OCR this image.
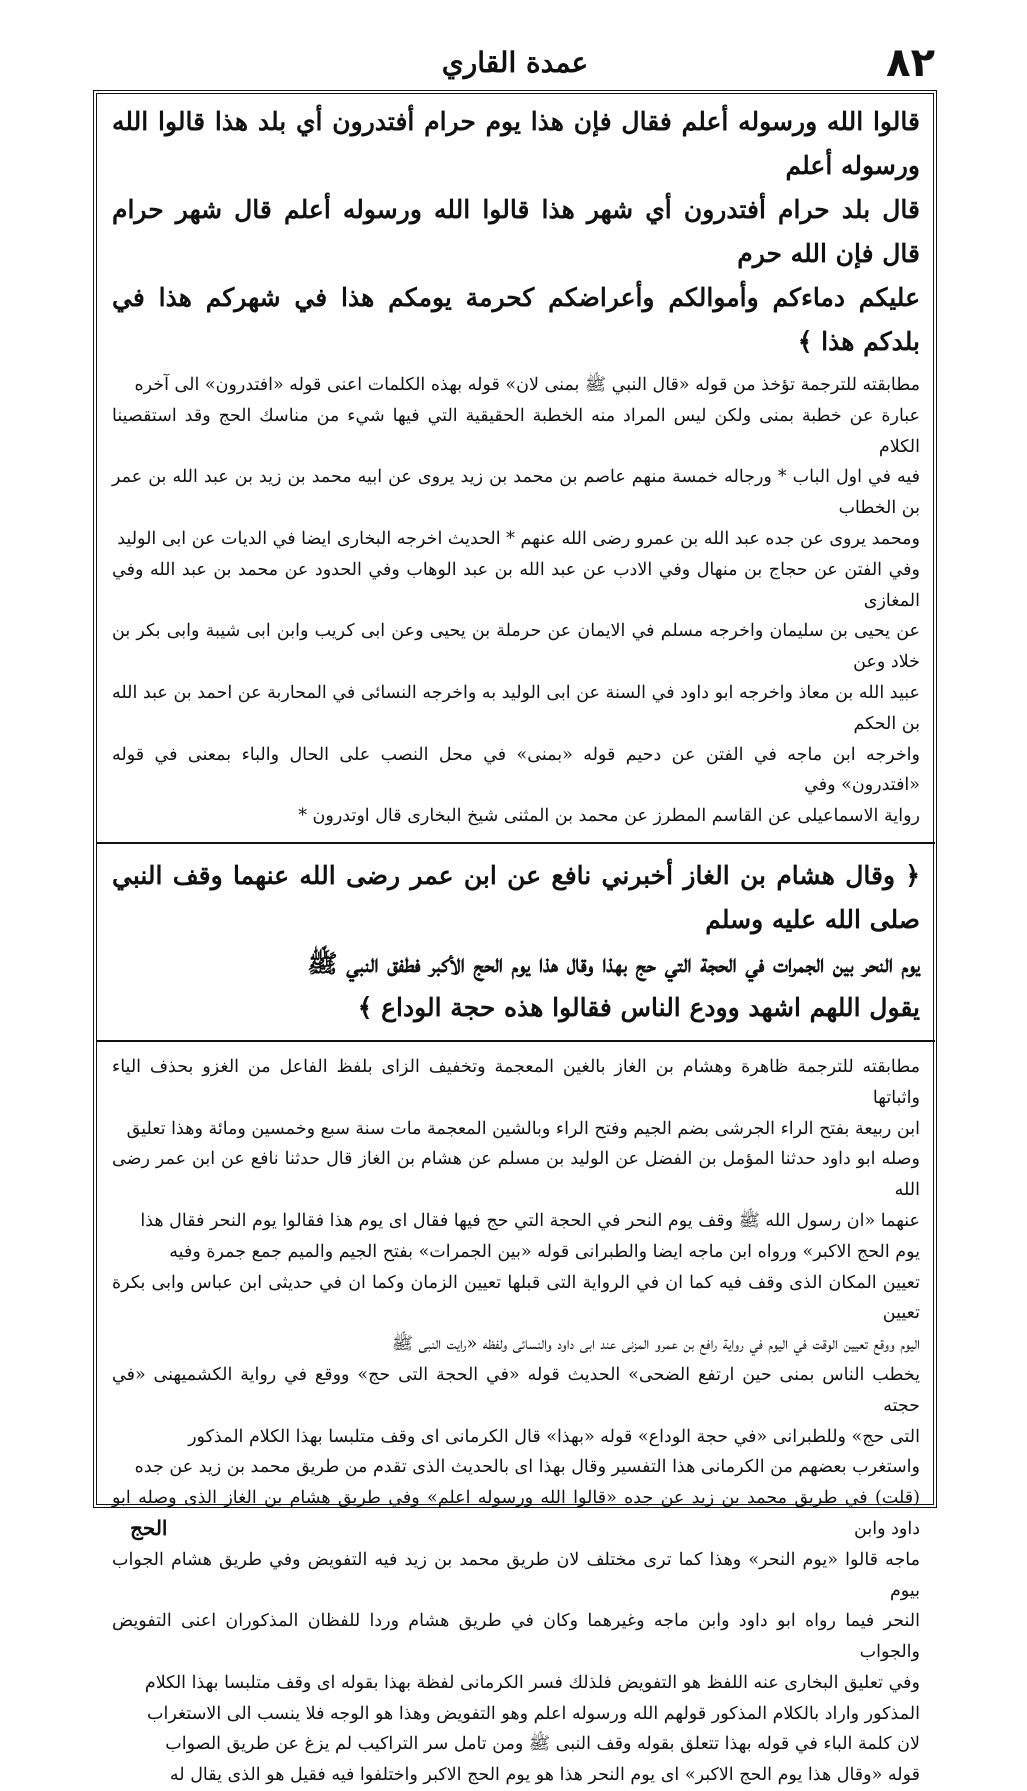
عمدة القاري	۸۲

قالوا الله ورسوله أعلم فقال فإن هذا يوم حرام أفتدرون أي بلد هذا قالوا الله ورسوله أعلم

قال بلد حرام أفتدرون أي شهر هذا قالوا الله ورسوله أعلم قال شهر حرام قال فإن الله حرم

عليكم دماءكم وأموالكم وأعراضكم كحرمة يومكم هذا في شهركم هذا في بلدكم هذا ﴾

مطابقته للترجمة تؤخذ من قوله «قال النبي ﷺ بمنى لان» قوله بهذه الكلمات اعنى قوله «افتدرون» الى آخره

عبارة عن خطبة بمنى ولكن ليس المراد منه الخطبة الحقيقية التي فيها شيء من مناسك الحج وقد استقصينا الكلام

فيه في اول الباب * ورجاله خمسة منهم عاصم بن محمد بن زيد يروى عن ابيه محمد بن زيد بن عبد الله بن عمر بن الخطاب

ومحمد يروى عن جده عبد الله بن عمرو رضى الله عنهم * الحديث اخرجه البخارى ايضا في الديات عن ابى الوليد

وفي الفتن عن حجاج بن منهال وفي الادب عن عبد الله بن عبد الوهاب وفي الحدود عن محمد بن عبد الله وفي المغازى

عن يحيى بن سليمان واخرجه مسلم في الايمان عن حرملة بن يحيى وعن ابى كريب وابن ابى شيبة وابى بكر بن خلاد وعن

عبيد الله بن معاذ واخرجه ابو داود في السنة عن ابى الوليد به واخرجه النسائى في المحاربة عن احمد بن عبد الله بن الحكم

واخرجه ابن ماجه في الفتن عن دحيم قوله «بمنى» في محل النصب على الحال والباء بمعنى في قوله «افتدرون» وفي

رواية الاسماعيلى عن القاسم المطرز عن محمد بن المثنى شيخ البخارى قال اوتدرون *

﴿ وقال هشام بن الغاز أخبرني نافع عن ابن عمر رضى الله عنهما وقف النبي صلى الله عليه وسلم

يوم النحر بين الجمرات في الحجة التي حج بهذا وقال هذا يوم الحج الأكبر فطفق النبي ﷺ

يقول اللهم اشهد وودع الناس فقالوا هذه حجة الوداع ﴾

مطابقته للترجمة ظاهرة وهشام بن الغاز بالغين المعجمة وتخفيف الزاى بلفظ الفاعل من الغزو بحذف الياء واثباتها

ابن ربيعة بفتح الراء الجرشى بضم الجيم وفتح الراء وبالشين المعجمة مات سنة سبع وخمسين ومائة وهذا تعليق

وصله ابو داود حدثنا المؤمل بن الفضل عن الوليد بن مسلم عن هشام بن الغاز قال حدثنا نافع عن ابن عمر رضى الله

عنهما «ان رسول الله ﷺ وقف يوم النحر في الحجة التي حج فيها فقال اى يوم هذا فقالوا يوم النحر فقال هذا

يوم الحج الاكبر» ورواه ابن ماجه ايضا والطبرانى قوله «بين الجمرات» بفتح الجيم والميم جمع جمرة وفيه

تعيين المكان الذى وقف فيه كما ان في الرواية التى قبلها تعيين الزمان وكما ان في حديثى ابن عباس وابى بكرة تعيين

اليوم ووقع تعيين الوقت في اليوم في رواية رافع بن عمرو المزنى عند ابى داود والنسائى ولفظه «رايت النبى ﷺ

يخطب الناس بمنى حين ارتفع الضحى» الحديث قوله «في الحجة التى حج» ووقع في رواية الكشميهنى «في حجته

التى حج» وللطبرانى «في حجة الوداع» قوله «بهذا» قال الكرمانى اى وقف متلبسا بهذا الكلام المذكور

واستغرب بعضهم من الكرمانى هذا التفسير وقال بهذا اى بالحديث الذى تقدم من طريق محمد بن زيد عن جده

(قلت) في طريق محمد بن زيد عن جده «قالوا الله ورسوله اعلم» وفي طريق هشام بن الغاز الذى وصله ابو داود وابن

ماجه قالوا «يوم النحر» وهذا كما ترى مختلف لان طريق محمد بن زيد فيه التفويض وفي طريق هشام الجواب بيوم

النحر فيما رواه ابو داود وابن ماجه وغيرهما وكان في طريق هشام وردا للفظان المذكوران اعنى التفويض والجواب

وفي تعليق البخارى عنه اللفظ هو التفويض فلذلك فسر الكرمانى لفظة بهذا بقوله اى وقف متلبسا بهذا الكلام

المذكور واراد بالكلام المذكور قولهم الله ورسوله اعلم وهو التفويض وهذا هو الوجه فلا ينسب الى الاستغراب

لان كلمة الباء في قوله بهذا تتعلق بقوله وقف النبى ﷺ ومن تامل سر التراكيب لم يزغ عن طريق الصواب

قوله «وقال هذا يوم الحج الاكبر» اى يوم النحر هذا هو يوم الحج الاكبر واختلفوا فيه فقيل هو الذى يقال له

الحج
